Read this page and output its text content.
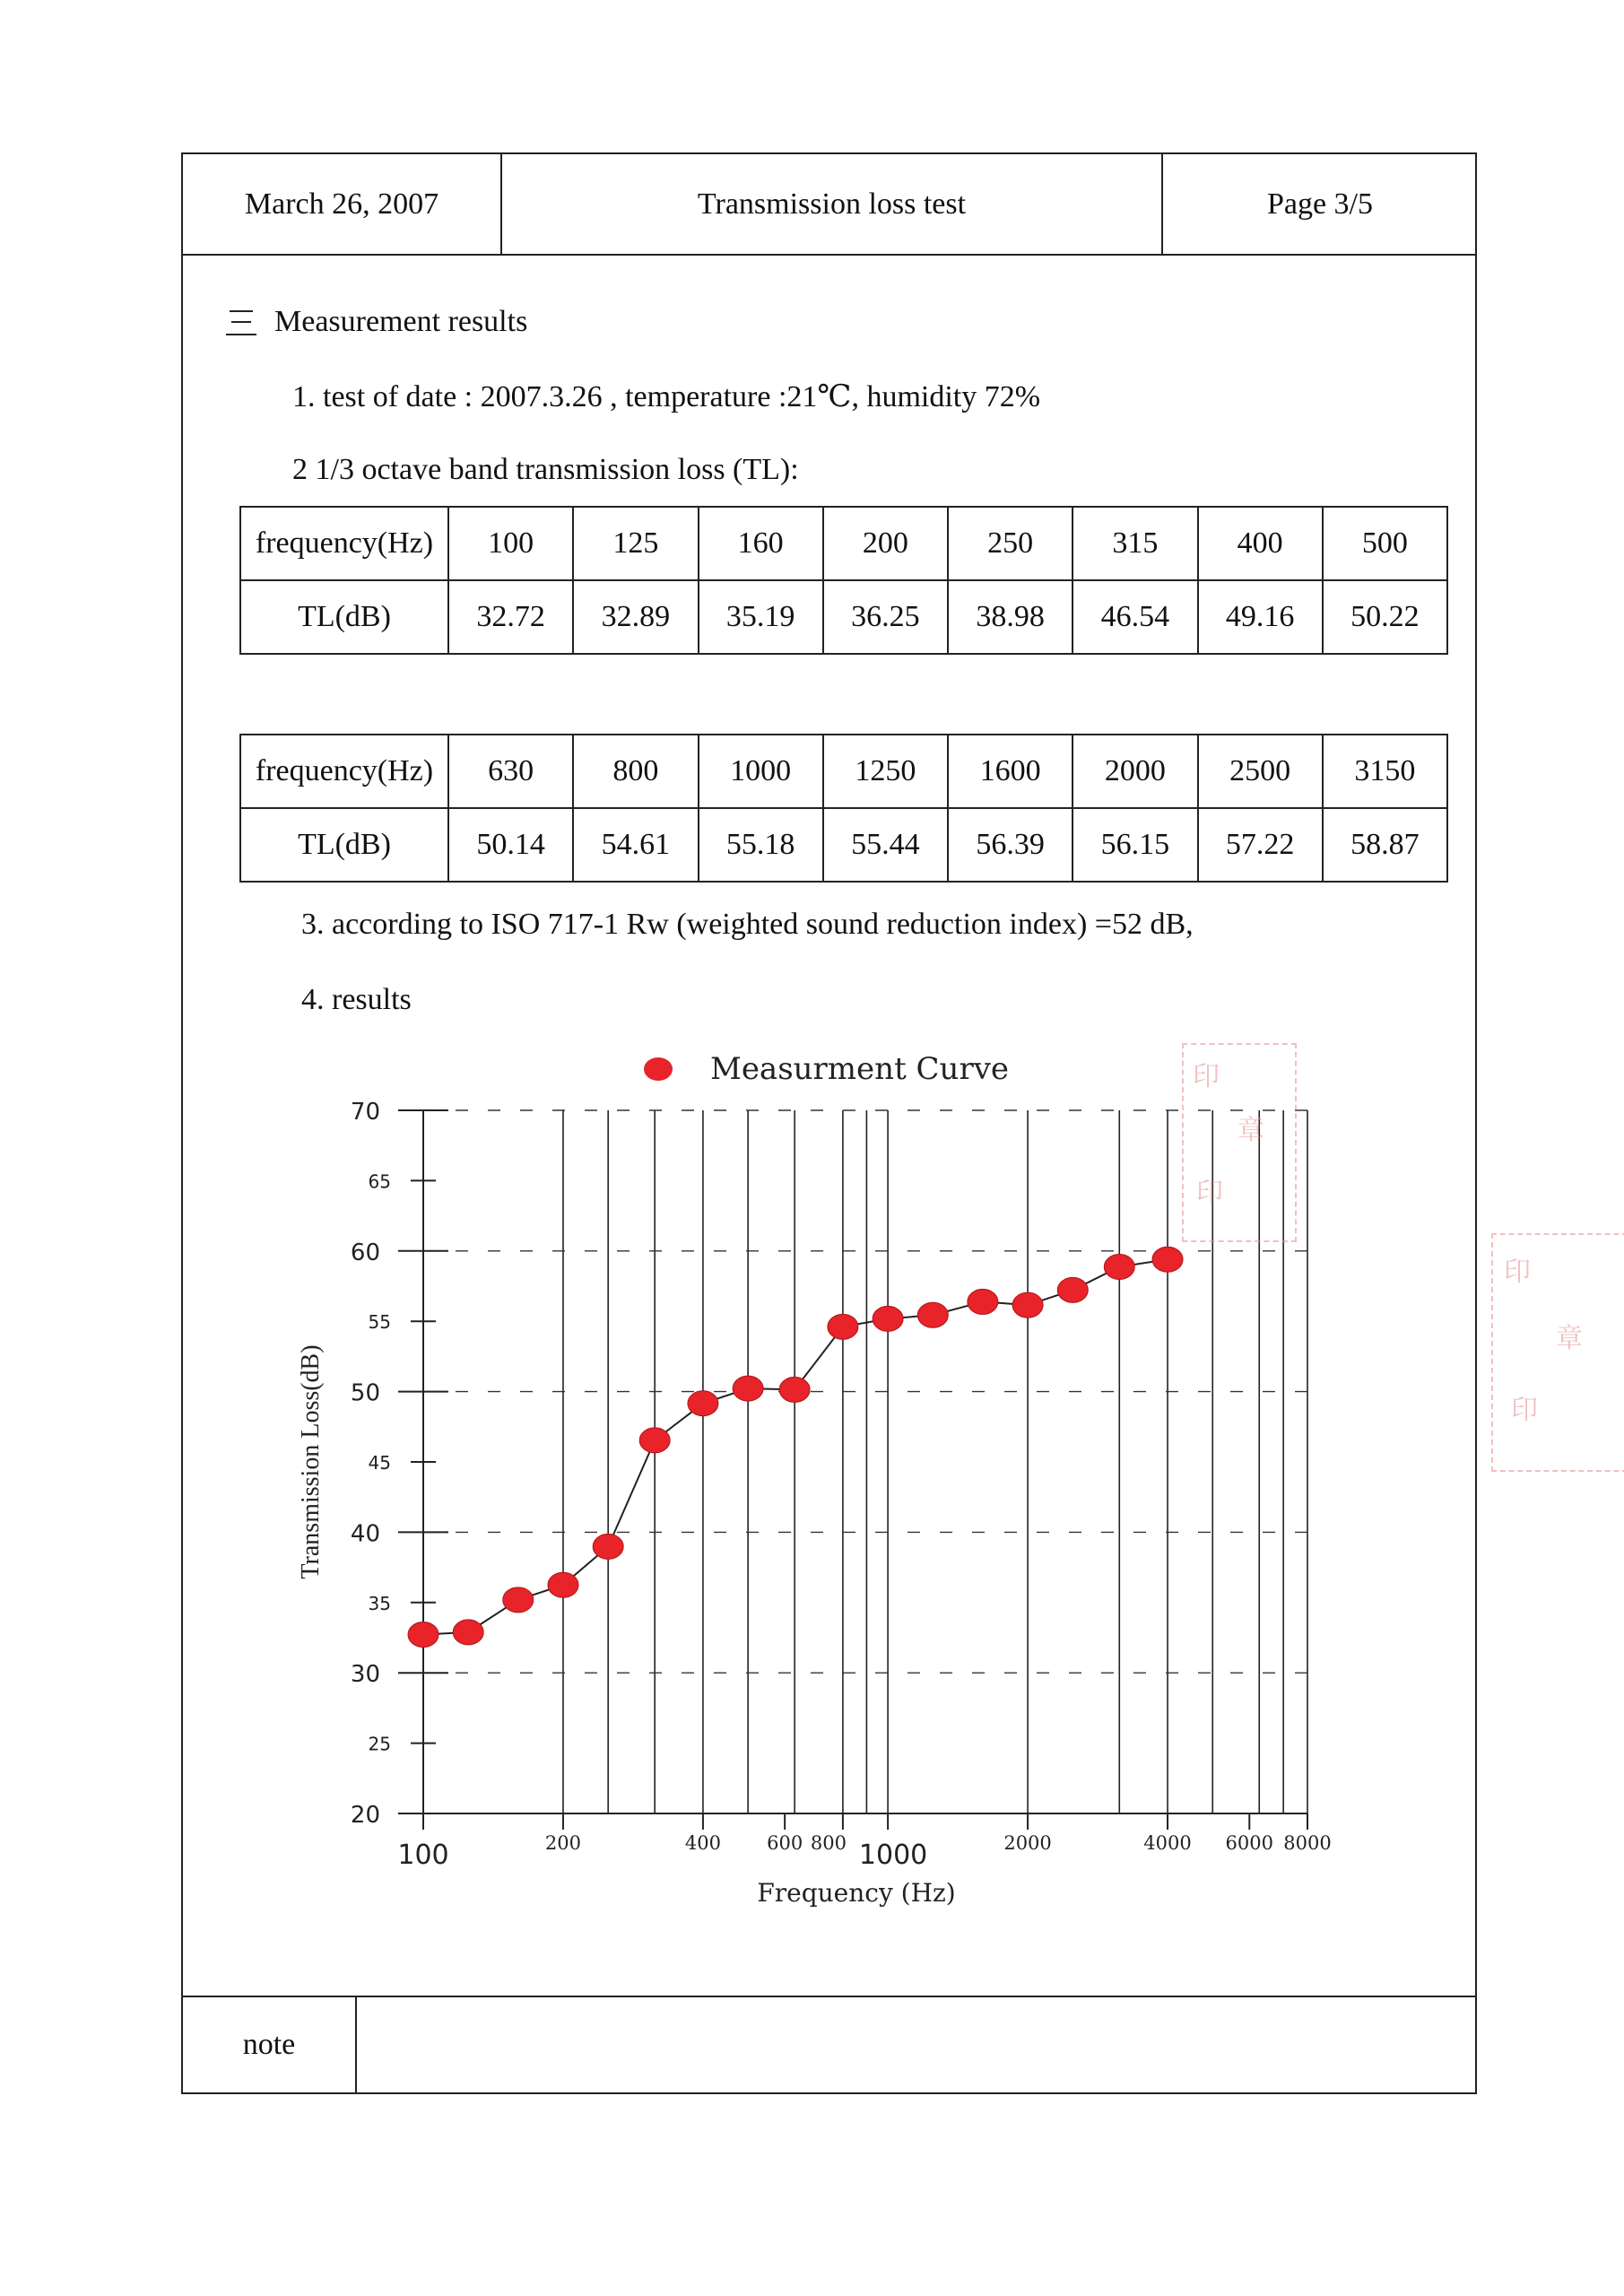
March 26, 2007	Transmission loss test	Page 3/5
note
Measurement results
1. test of date : 2007.3.26 , temperature :21℃, humidity 72%
2 1/3 octave band transmission loss (TL):
frequency(Hz)	100	125	160	200	250	315	400	500
TL(dB)	32.72	32.89	35.19	36.25	38.98	46.54	49.16	50.22
frequency(Hz)	630	800	1000	1250	1600	2000	2500	3150
TL(dB)	50.14	54.61	55.18	55.44	56.39	56.15	57.22	58.87
3. according to ISO 717-1 Rw (weighted sound reduction index) =52 dB,
4. results
20
25
30
35
40
45
50
55
60
65
70
100	200	400 600 800 1000	2000	4000 6000 8000
Frequency (Hz)
Transmission Loss(dB)
Measurment Curve	印
章
印
印
章
印
